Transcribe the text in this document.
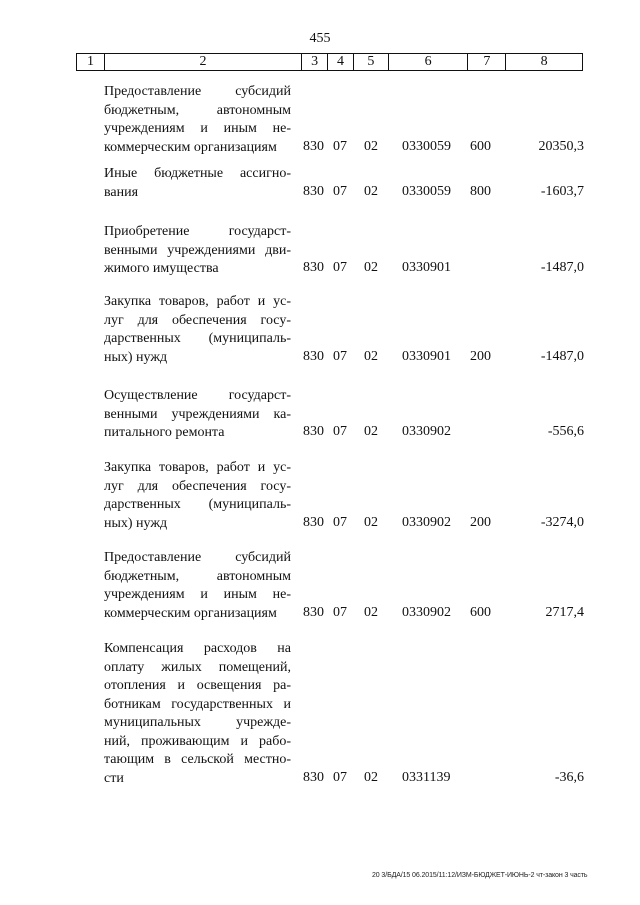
455
1	2	3	4	5	6	7	8
Предоставление субсидий
бюджетным, автономным
учреждениям и иным не-
коммерческим организациям	830 07 02 0330059 600	20350,3
Иные бюджетные ассигно-
вания	830 07 02 0330059 800	-1603,7
Приобретение государст-
венными учреждениями дви-
жимого имущества	830 07 02 0330901	-1487,0
Закупка товаров, работ и ус-
луг для обеспечения госу-
дарственных (муниципаль-
ных) нужд	830 07 02 0330901 200	-1487,0
Осуществление государст-
венными учреждениями ка-
питального ремонта	830 07 02 0330902	-556,6
Закупка товаров, работ и ус-
луг для обеспечения госу-
дарственных (муниципаль-
ных) нужд	830 07 02 0330902 200	-3274,0
Предоставление субсидий
бюджетным, автономным
учреждениям и иным не-
коммерческим организациям	830 07 02 0330902 600	2717,4
Компенсация расходов на
оплату жилых помещений,
отопления и освещения ра-
ботникам государственных и
муниципальных учрежде-
ний, проживающим и рабо-
тающим в сельской местно-
сти	830 07 02 0331139	-36,6
20 3/БДА/15 06.2015/11:12/ИЗМ-БЮДЖЕТ-ИЮНЬ-2 чт-закон 3 часть
